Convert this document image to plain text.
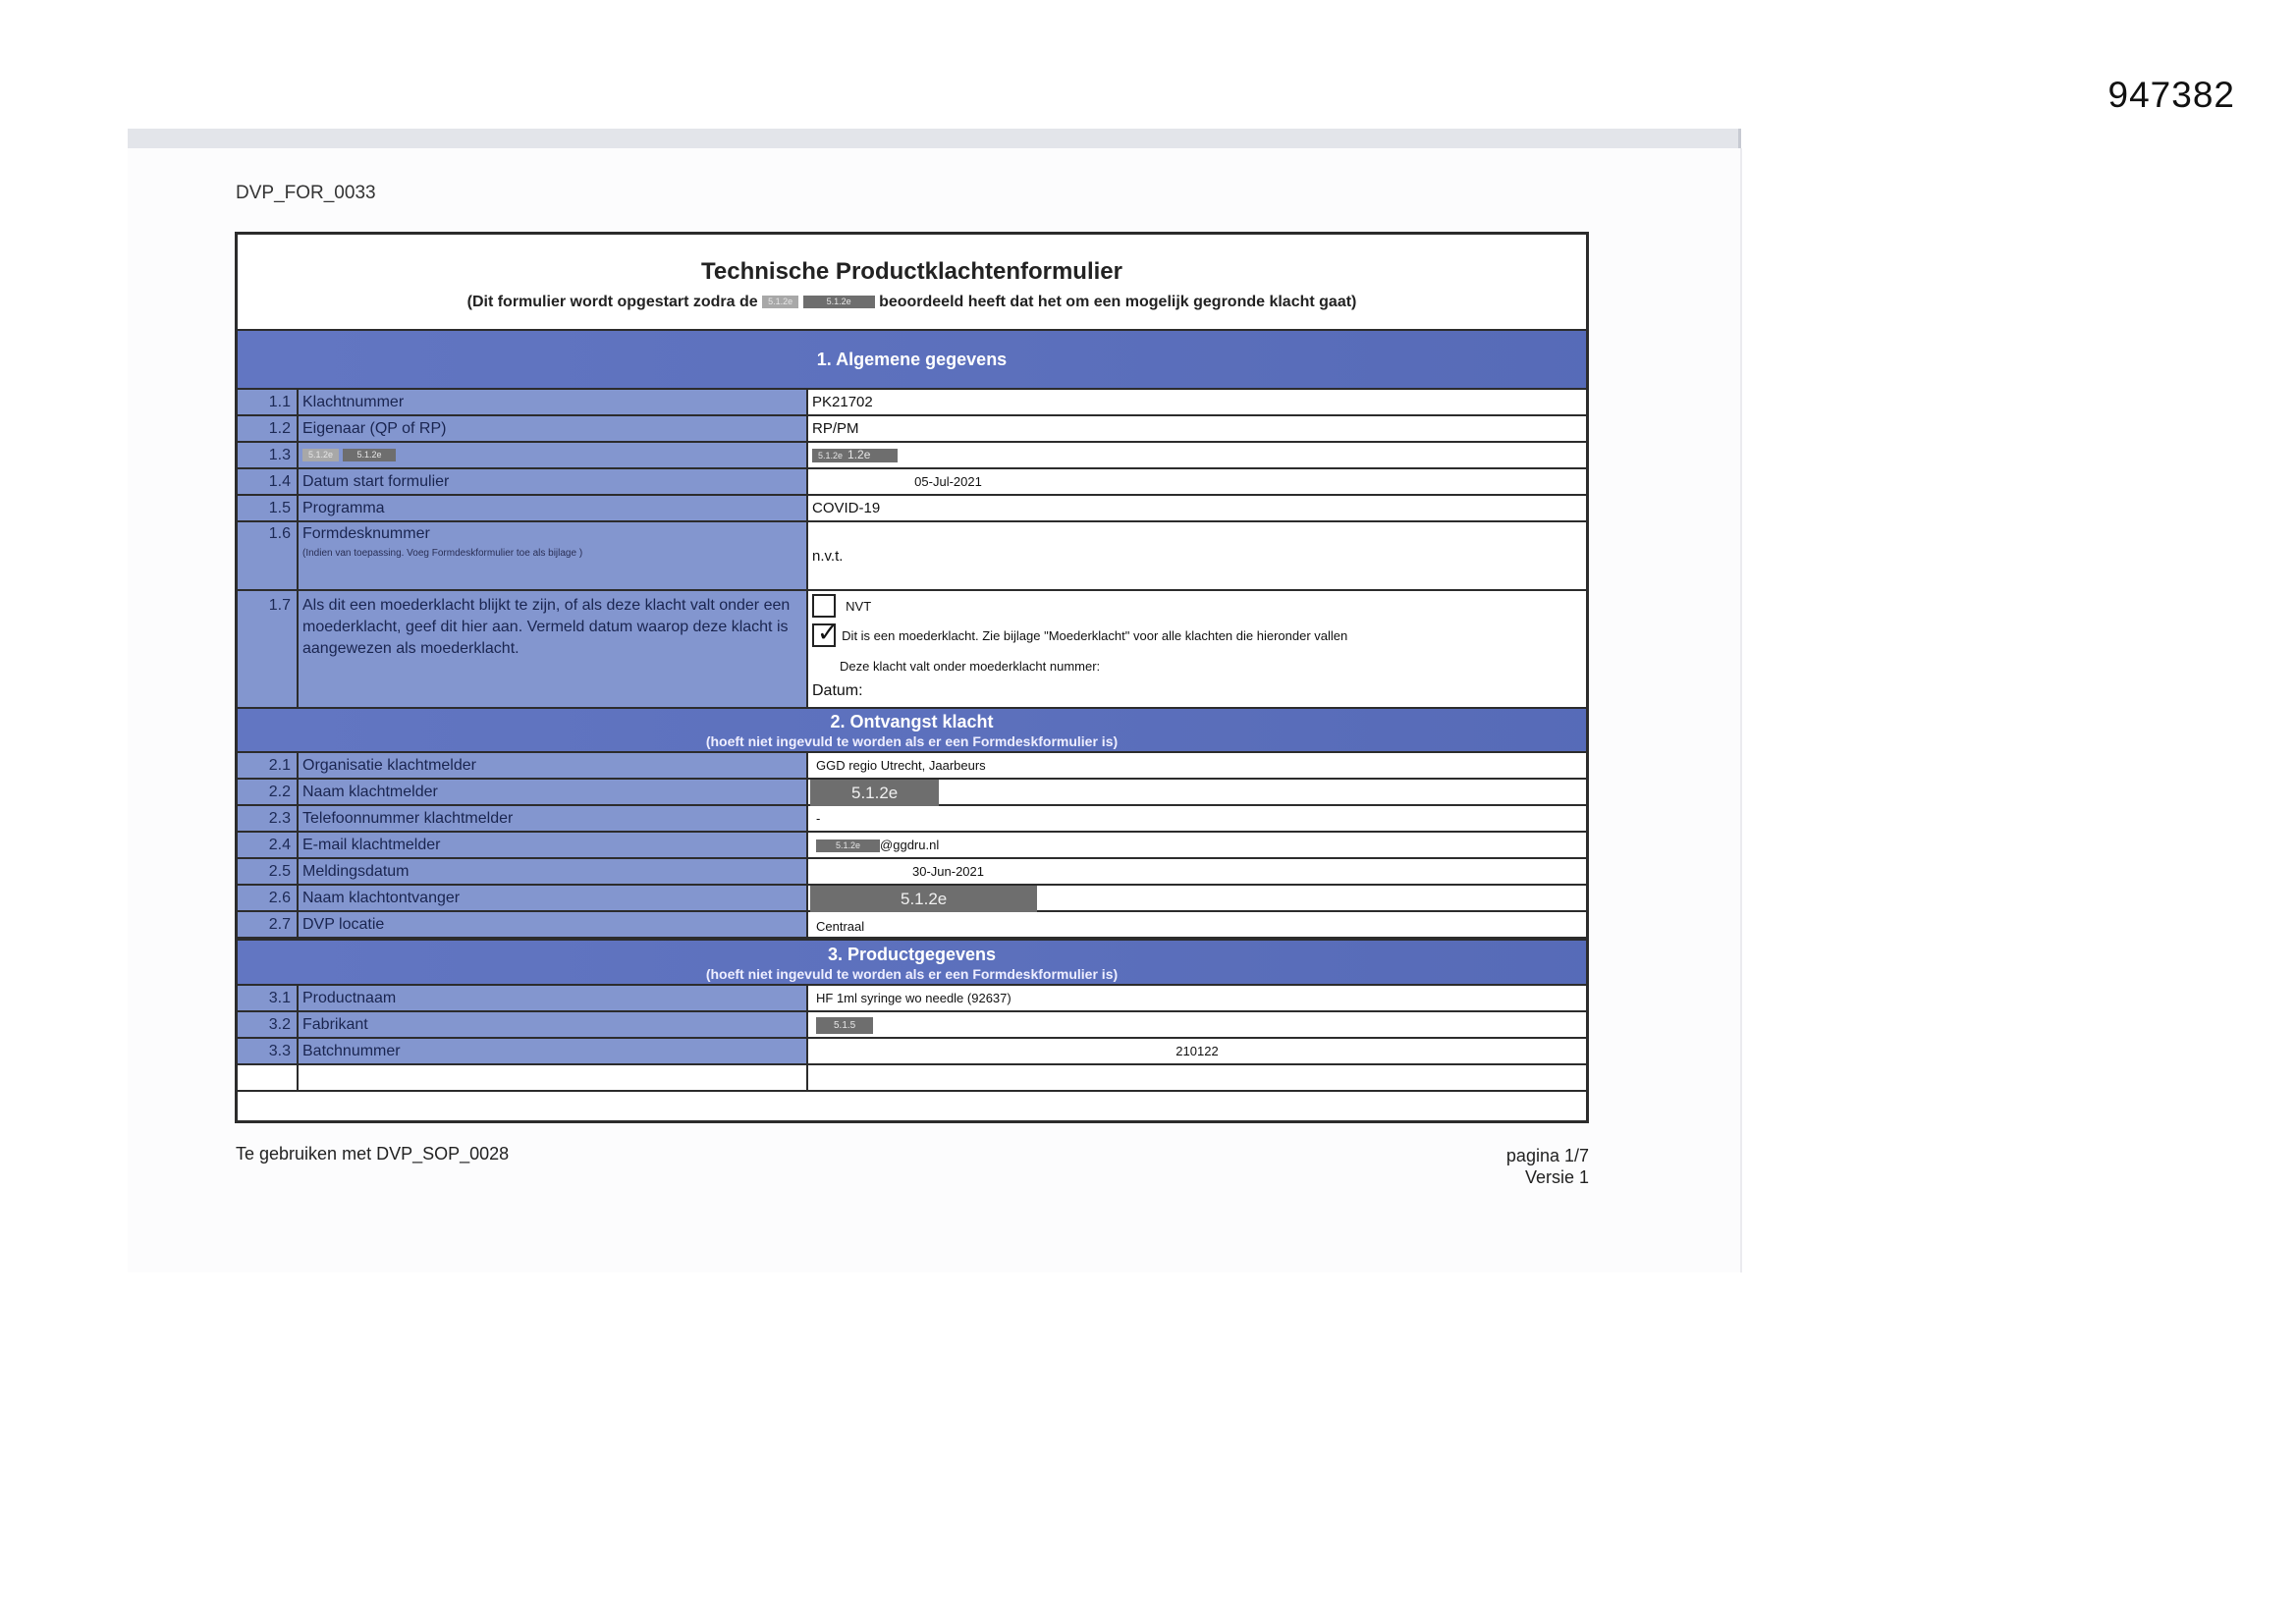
947382
DVP_FOR_0033
Technische Productklachtenformulier
(Dit formulier wordt opgestart zodra de 5.1.2e	5.1.2e beoordeeld heeft dat het om een mogelijk gegronde klacht gaat)
1. Algemene gegevens
1.1 Klachtnummer	PK21702
1.2 Eigenaar (QP of RP)	RP/PM
1.3	5.1.2e	5.1.2e	5.1.2e 1.2e
1.4 Datum start formulier	05-Jul-2021
1.5 Programma	COVID-19
1.6 Formdesknummer
(Indien van toepassing. Voeg Formdeskformulier toe als bijlage )	n.v.t.
1.7 Als dit een moederklacht blijkt te zijn, of als deze klacht valt onder een moederklacht, geef dit hier aan. Vermeld datum waarop deze klacht is aangewezen als moederklacht.
NVT
✓ Dit is een moederklacht. Zie bijlage "Moederklacht" voor alle klachten die hieronder vallen
Deze klacht valt onder moederklacht nummer:
Datum:
2. Ontvangst klacht
(hoeft niet ingevuld te worden als er een Formdeskformulier is)
2.1 Organisatie klachtmelder	GGD regio Utrecht, Jaarbeurs
2.2 Naam klachtmelder	5.1.2e
2.3 Telefoonnummer klachtmelder	-
2.4 E-mail klachtmelder	5.1.2e @ggdru.nl
2.5 Meldingsdatum	30-Jun-2021
2.6 Naam klachtontvanger	5.1.2e
2.7 DVP locatie	Centraal
3. Productgegevens
(hoeft niet ingevuld te worden als er een Formdeskformulier is)
3.1 Productnaam	HF 1ml syringe wo needle (92637)
3.2 Fabrikant	5.1.5
3.3 Batchnummer	210122
Te gebruiken met DVP_SOP_0028	pagina 1/7
Versie 1
